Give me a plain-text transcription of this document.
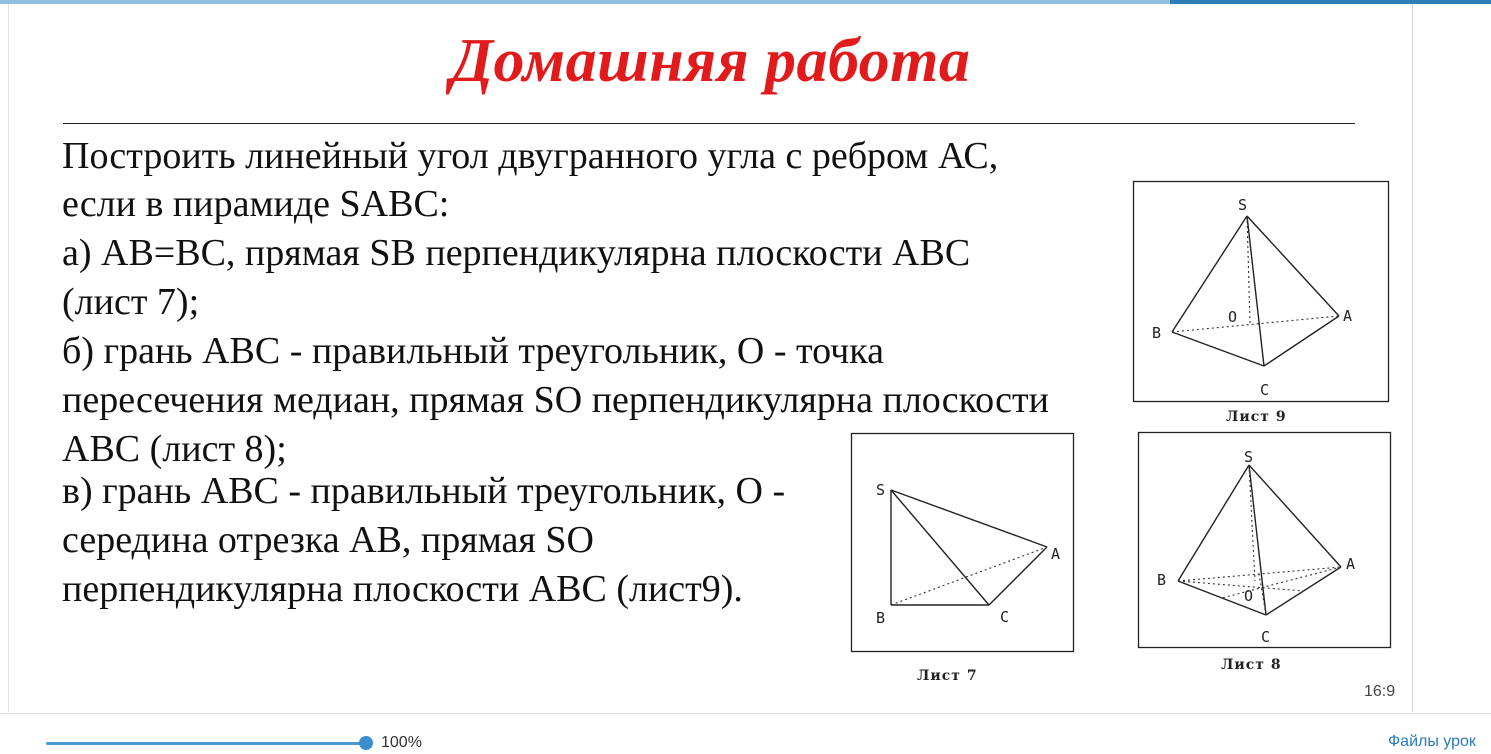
Домашняя работа

Построить линейный угол двугранного угла с ребром АС,

если в пирамиде SABC:

а) АВ=ВС, прямая SВ перпендикулярна плоскости АВС

(лист 7);

б) грань АВС - правильный треугольник, О - точка

пересечения медиан, прямая SО перпендикулярна плоскости

АВС (лист 8);

в) грань АВС - правильный треугольник, О -

середина отрезка АВ, прямая SО

перпендикулярна плоскости АВС (лист9).

S
B
O	A
C
Лист 9
S
A
B	C
Лист 7
S
B
O
A
C
Лист 8
16:9
100%	Файлы урок
